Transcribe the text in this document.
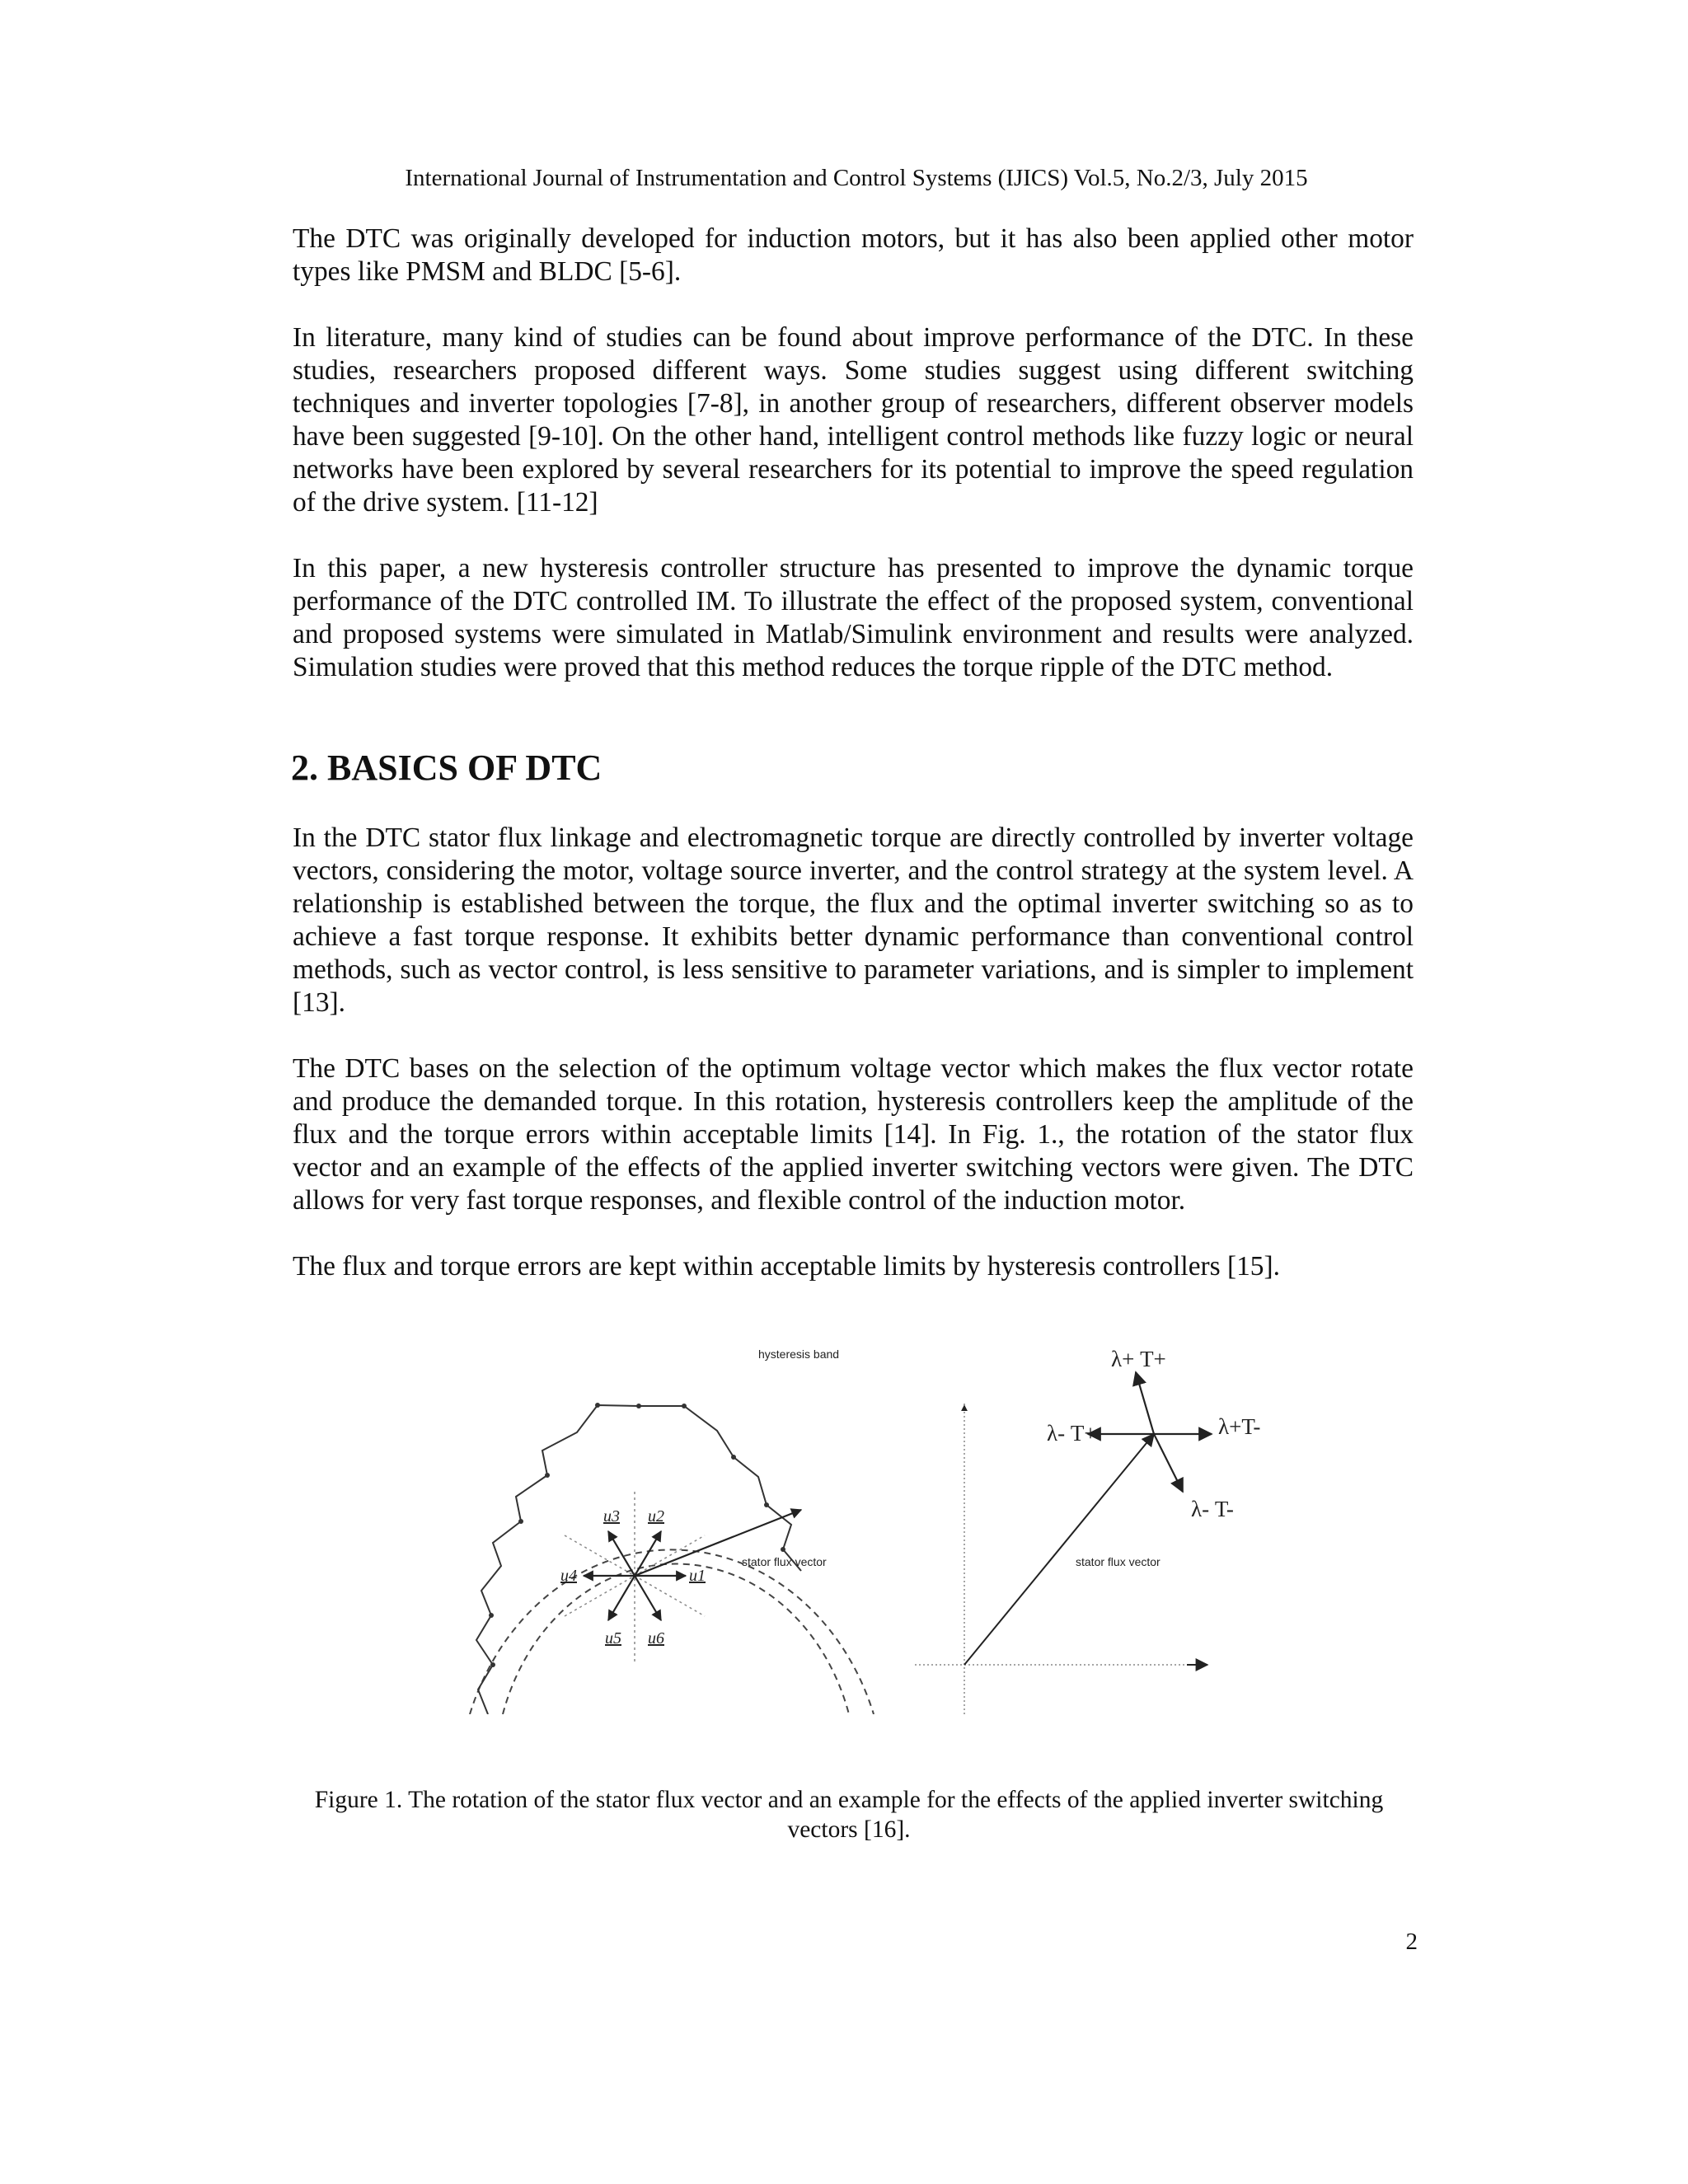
International Journal of Instrumentation and Control Systems (IJICS) Vol.5, No.2/3, July 2015

The DTC was originally developed for induction motors, but it has also been applied other motor types like PMSM and BLDC [5-6].

In literature, many kind of studies can be found about improve performance of the DTC. In these studies, researchers proposed different ways. Some studies suggest using different switching techniques and inverter topologies [7-8], in another group of researchers, different observer models have been suggested [9-10]. On the other hand, intelligent control methods like fuzzy logic or neural networks have been explored by several researchers for its potential to improve the speed regulation of the drive system. [11-12]

In this paper, a new hysteresis controller structure has presented to improve the dynamic torque performance of the DTC controlled IM. To illustrate the effect of the proposed system, conventional and proposed systems were simulated in Matlab/Simulink environment and results were analyzed. Simulation studies were proved that this method reduces the torque ripple of the DTC method.

2. BASICS OF DTC

In the DTC stator flux linkage and electromagnetic torque are directly controlled by inverter voltage vectors, considering the motor, voltage source inverter, and the control strategy at the system level. A relationship is established between the torque, the flux and the optimal inverter switching so as to achieve a fast torque response. It exhibits better dynamic performance than conventional control methods, such as vector control, is less sensitive to parameter variations, and is simpler to implement [13].

The DTC bases on the selection of the optimum voltage vector which makes the flux vector rotate and produce the demanded torque. In this rotation, hysteresis controllers keep the amplitude of the flux and the torque errors within acceptable limits [14]. In Fig. 1., the rotation of the stator flux vector and an example of the effects of the applied inverter switching vectors were given. The DTC allows for very fast torque responses, and flexible control of the induction motor.

The flux and torque errors are kept within acceptable limits by hysteresis controllers [15].

hysteresis band
u1
u2
u3
u4
u5 u6
stator flux vector
λ+ T+
λ- T+	λ+T-
λ- T-
stator flux vector
Figure 1. The rotation of the stator flux vector and an example for the effects of the applied inverter switching vectors [16].
2
